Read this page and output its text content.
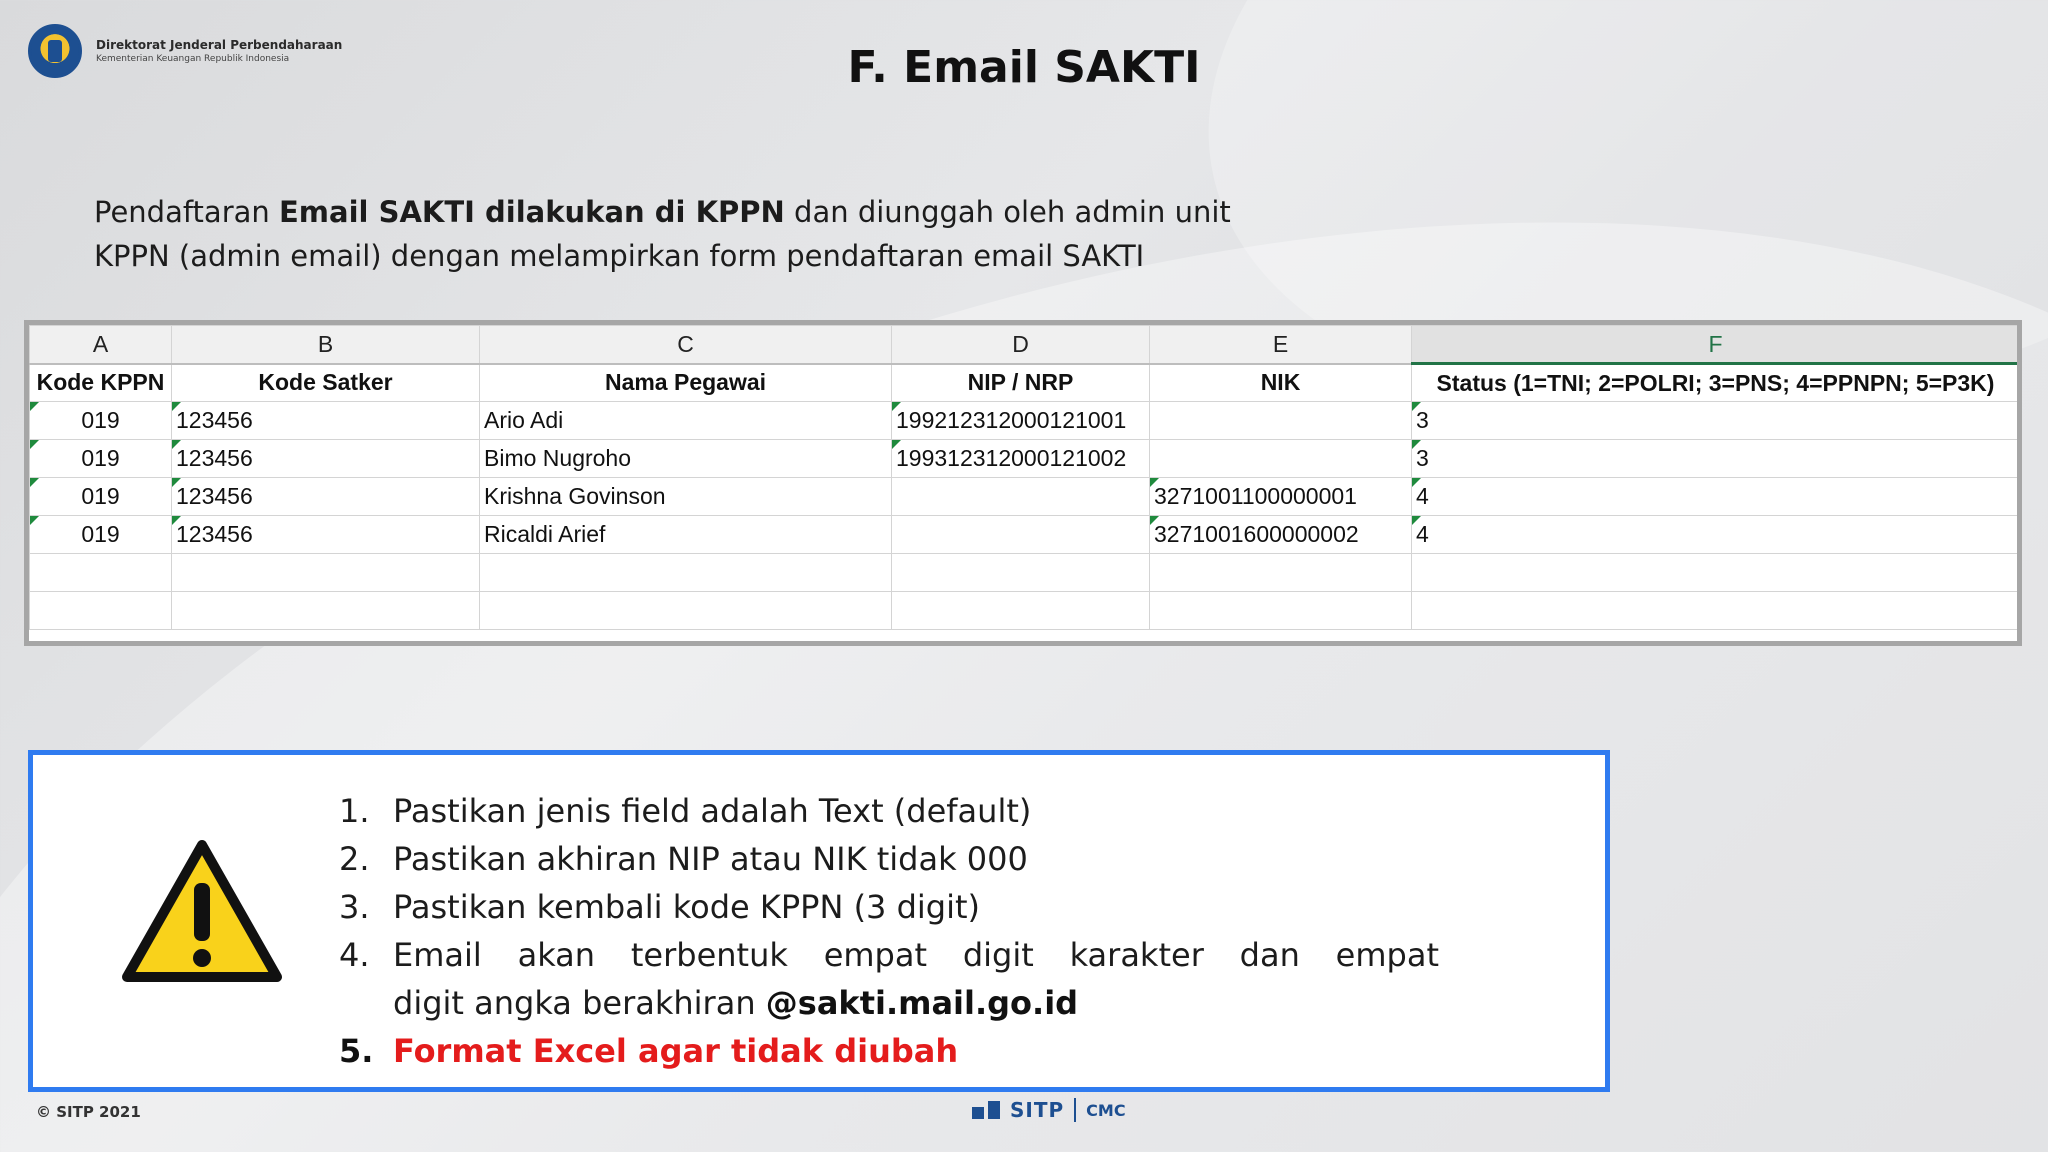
Direktorat Jenderal Perbendaharaan
Kementerian Keuangan Republik Indonesia	F. Email SAKTI
Pendaftaran Email SAKTI dilakukan di KPPN dan diunggah oleh admin unit
KPPN (admin email) dengan melampirkan form pendaftaran email SAKTI
A	B	C	D	E	F
Kode KPPN	Kode Satker	Nama Pegawai	NIP / NRP	NIK	Status (1=TNI; 2=POLRI; 3=PNS; 4=PPNPN; 5=P3K)
019	123456	Ario Adi	199212312000121001		3
019	123456	Bimo Nugroho	199312312000121002		3
019	123456	Krishna Govinson		3271001100000001	4
019	123456	Ricaldi Arief		3271001600000002	4

1. Pastikan jenis field adalah Text (default)
2. Pastikan akhiran NIP atau NIK tidak 000
3. Pastikan kembali kode KPPN (3 digit)
4. Email akan terbentuk empat digit karakter dan empat
digit angka berakhiran @sakti.mail.go.id
5. Format Excel agar tidak diubah
© SITP 2021	SITP CMC
